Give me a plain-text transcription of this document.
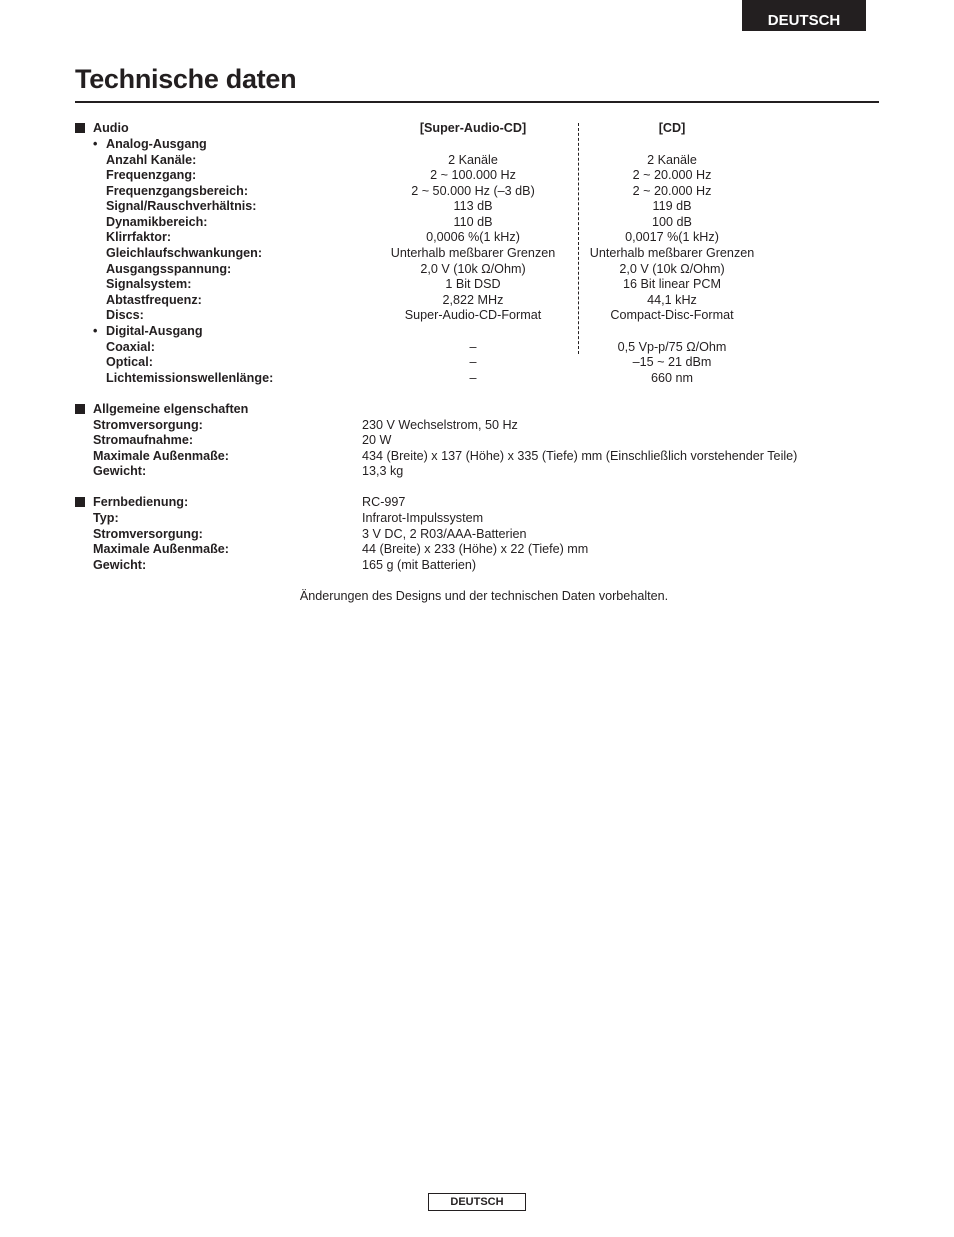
DEUTSCH
Technische daten
Audio	[Super-Audio-CD]	[CD]
• Analog-Ausgang
Anzahl Kanäle:	2 Kanäle	2 Kanäle
Frequenzgang:	2 ~ 100.000 Hz	2 ~ 20.000 Hz
Frequenzgangsbereich:	2 ~ 50.000 Hz (–3 dB)	2 ~ 20.000 Hz
Signal/Rauschverhältnis:	113 dB	119 dB
Dynamikbereich:	110 dB	100 dB
Klirrfaktor:	0,0006 %(1 kHz)	0,0017 %(1 kHz)
Gleichlaufschwankungen:	Unterhalb meßbarer Grenzen	Unterhalb meßbarer Grenzen
Ausgangsspannung:	2,0 V (10k Ω/Ohm)	2,0 V (10k Ω/Ohm)
Signalsystem:	1 Bit DSD	16 Bit linear PCM
Abtastfrequenz:	2,822 MHz	44,1 kHz
Discs:	Super-Audio-CD-Format	Compact-Disc-Format
• Digital-Ausgang
Coaxial:	–	0,5 Vp-p/75 Ω/Ohm
Optical:	–	–15 ~ 21 dBm
Lichtemissionswellenlänge:	–	660 nm
Allgemeine elgenschaften
Stromversorgung:	230 V Wechselstrom, 50 Hz
Stromaufnahme:	20 W
Maximale Außenmaße:	434 (Breite) x 137 (Höhe) x 335 (Tiefe) mm (Einschließlich vorstehender Teile)
Gewicht:	13,3 kg
Fernbedienung:	RC-997
Typ:	Infrarot-Impulssystem
Stromversorgung:	3 V DC, 2 R03/AAA-Batterien
Maximale Außenmaße:	44 (Breite) x 233 (Höhe) x 22 (Tiefe) mm
Gewicht:	165 g (mit Batterien)
Änderungen des Designs und der technischen Daten vorbehalten.
DEUTSCH
